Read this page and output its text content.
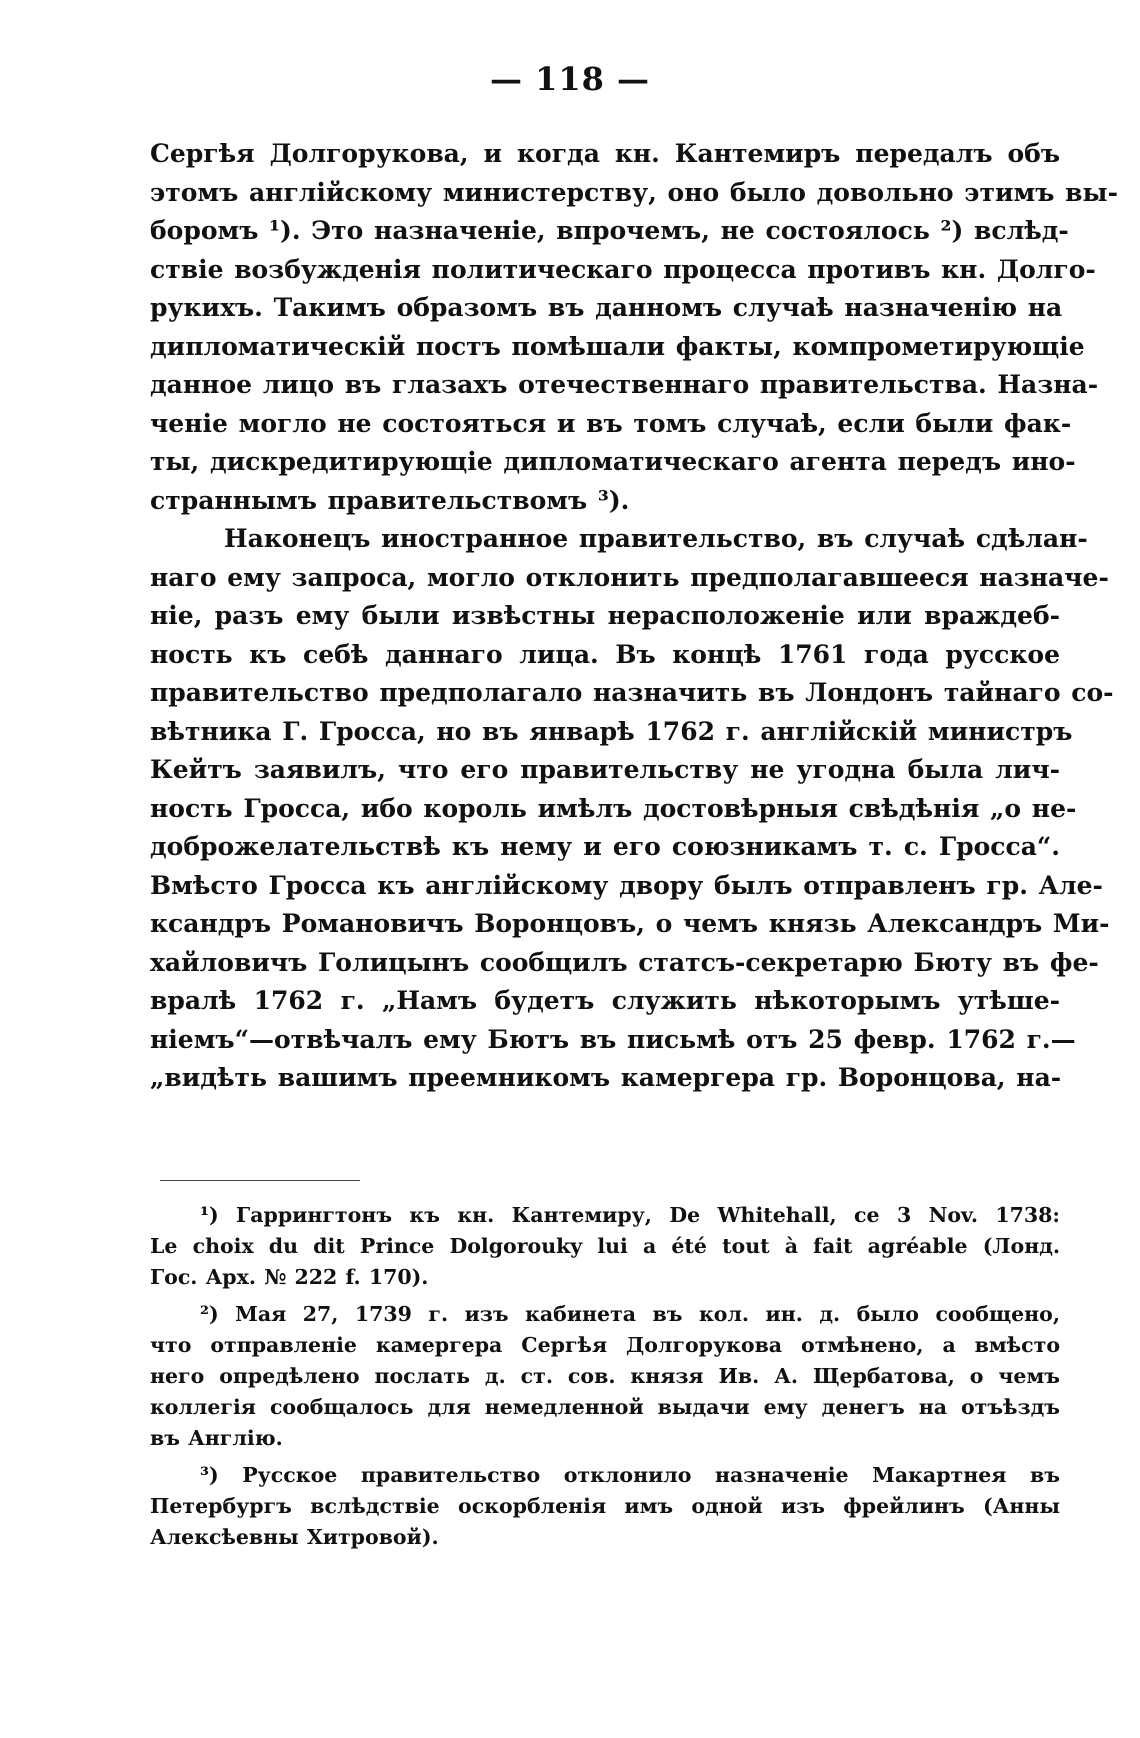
— 118 —
Сергѣя Долгорукова, и когда кн. Кантемиръ передалъ объ
этомъ англійскому министерству, оно было довольно этимъ вы-
боромъ ¹). Это назначеніе, впрочемъ, не состоялось ²) вслѣд-
ствіе возбужденія политическаго процесса противъ кн. Долго-
рукихъ. Такимъ образомъ въ данномъ случаѣ назначенію на
дипломатическій постъ помѣшали факты, компрометирующіе
данное лицо въ глазахъ отечественнаго правительства. Назна-
ченіе могло не состояться и въ томъ случаѣ, если были фак-
ты, дискредитирующіе дипломатическаго агента передъ ино-
страннымъ правительствомъ ³).
Наконецъ иностранное правительство, въ случаѣ сдѣлан-
наго ему запроса, могло отклонить предполагавшееся назначе-
ніе, разъ ему были извѣстны нерасположеніе или враждеб-
ность къ себѣ даннаго лица. Въ концѣ 1761 года русское
правительство предполагало назначить въ Лондонъ тайнаго со-
вѣтника Г. Гросса, но въ январѣ 1762 г. англійскій министръ
Кейтъ заявилъ, что его правительству не угодна была лич-
ность Гросса, ибо король имѣлъ достовѣрныя свѣдѣнія „о не-
доброжелательствѣ къ нему и его союзникамъ т. с. Гросса“.
Вмѣсто Гросса къ англійскому двору былъ отправленъ гр. Але-
ксандръ Романовичъ Воронцовъ, о чемъ князь Александръ Ми-
хайловичъ Голицынъ сообщилъ статсъ-секретарю Бюту въ фе-
вралѣ 1762 г. „Намъ будетъ служить нѣкоторымъ утѣше-
ніемъ“—отвѣчалъ ему Бютъ въ письмѣ отъ 25 февр. 1762 г.—
„видѣть вашимъ преемникомъ камергера гр. Воронцова, на-
¹) Гаррингтонъ къ кн. Кантемиру, De Whitehall, ce 3 Nov. 1738:
Le choix du dit Prince Dolgorouky lui a été tout à fait agréable (Лонд.
Гос. Арх. № 222 f. 170).
²) Мая 27, 1739 г. изъ кабинета въ кол. ин. д. было сообщено,
что отправленіе камергера Сергѣя Долгорукова отмѣнено, а вмѣсто
него опредѣлено послать д. ст. сов. князя Ив. А. Щербатова, о чемъ
коллегія сообщалось для немедленной выдачи ему денегъ на отъѣздъ
въ Англію.
³) Русское правительство отклонило назначеніе Макартнея въ
Петербургъ вслѣдствіе оскорбленія имъ одной изъ фрейлинъ (Анны
Алексѣевны Хитровой).
